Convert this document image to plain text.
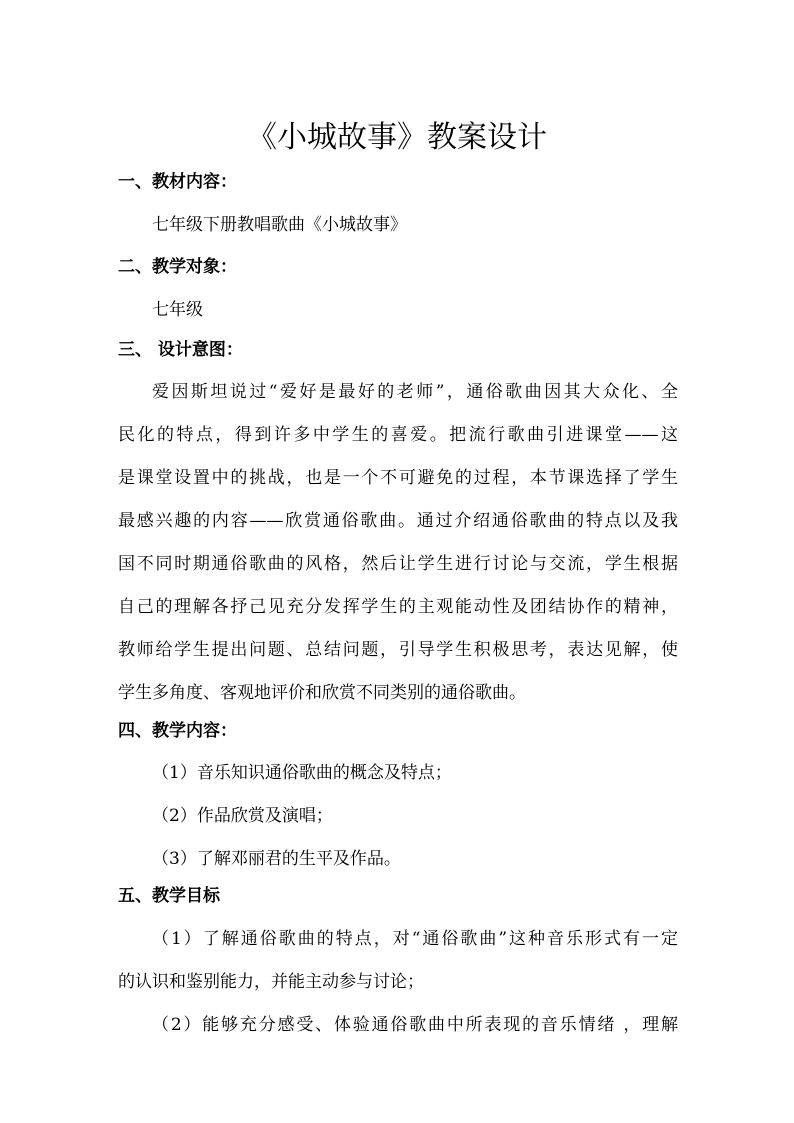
《小城故事》教案设计
一、教材内容：
七年级下册教唱歌曲《小城故事》
二、教学对象：
七年级
三、 设计意图：
爱因斯坦说过“爱好是最好的老师”，通俗歌曲因其大众化、全
民化的特点，得到许多中学生的喜爱。把流行歌曲引进课堂——这
是课堂设置中的挑战，也是一个不可避免的过程，本节课选择了学生
最感兴趣的内容——欣赏通俗歌曲。通过介绍通俗歌曲的特点以及我
国不同时期通俗歌曲的风格，然后让学生进行讨论与交流，学生根据
自己的理解各抒己见充分发挥学生的主观能动性及团结协作的精神，
教师给学生提出问题、总结问题，引导学生积极思考，表达见解，使
学生多角度、客观地评价和欣赏不同类别的通俗歌曲。
四、教学内容：
（1）音乐知识通俗歌曲的概念及特点；
（2）作品欣赏及演唱；
（3）了解邓丽君的生平及作品。
五、教学目标
（1）了解通俗歌曲的特点，对“通俗歌曲”这种音乐形式有一定
的认识和鉴别能力，并能主动参与讨论；
（2）能够充分感受、体验通俗歌曲中所表现的音乐情绪 ，理解
